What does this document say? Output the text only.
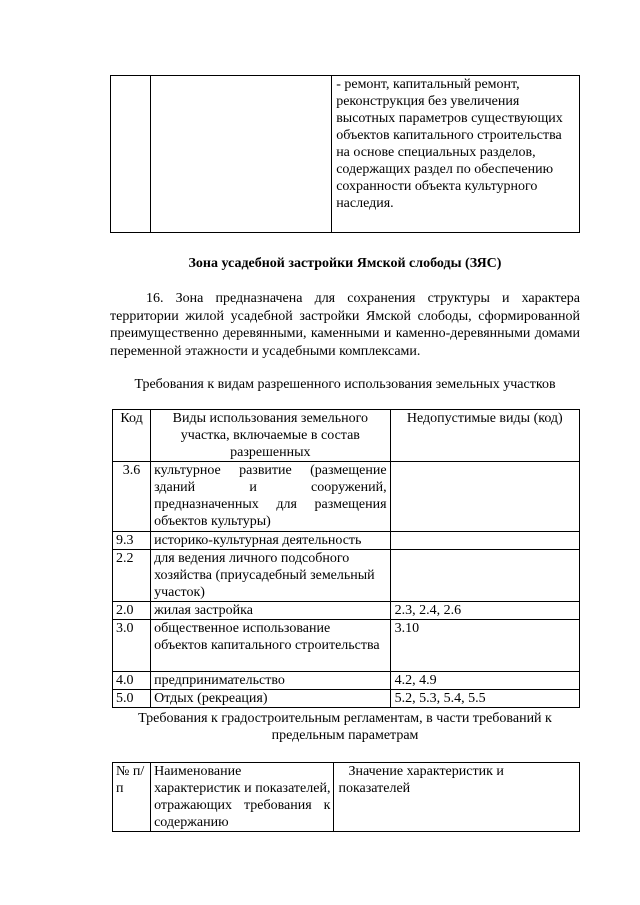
		- ремонт, капитальный ремонт, реконструкция без увеличения высотных параметров существующих объектов капитального строительства на основе специальных разделов, содержащих раздел по обеспечению сохранности объекта культурного наследия.
Зона усадебной застройки Ямской слободы (ЗЯС)
16. Зона предназначена для сохранения структуры и характера территории жилой усадебной застройки Ямской слободы, сформированной преимущественно деревянными, каменными и каменно-деревянными домами переменной этажности и усадебными комплексами.
Требования к видам разрешенного использования земельных участков
Код	Виды использования земельного участка, включаемые в состав разрешенных	Недопустимые виды (код)
3.6	культурное развитие (размещение зданий и сооружений, предназначенных для размещения объектов культуры)	
9.3	историко-культурная деятельность	
2.2	для ведения личного подсобного хозяйства (приусадебный земельный участок)	
2.0	жилая застройка	2.3, 2.4, 2.6
3.0	общественное использование объектов капитального строительства	3.10
4.0	предпринимательство	4.2, 4.9
5.0	Отдых (рекреация)	5.2, 5.3, 5.4, 5.5
Требования к градостроительным регламентам, в части требований к предельным параметрам
№ п/п	Наименование характеристик и показателей, отражающих требования к содержанию	Значение характеристик и показателей
